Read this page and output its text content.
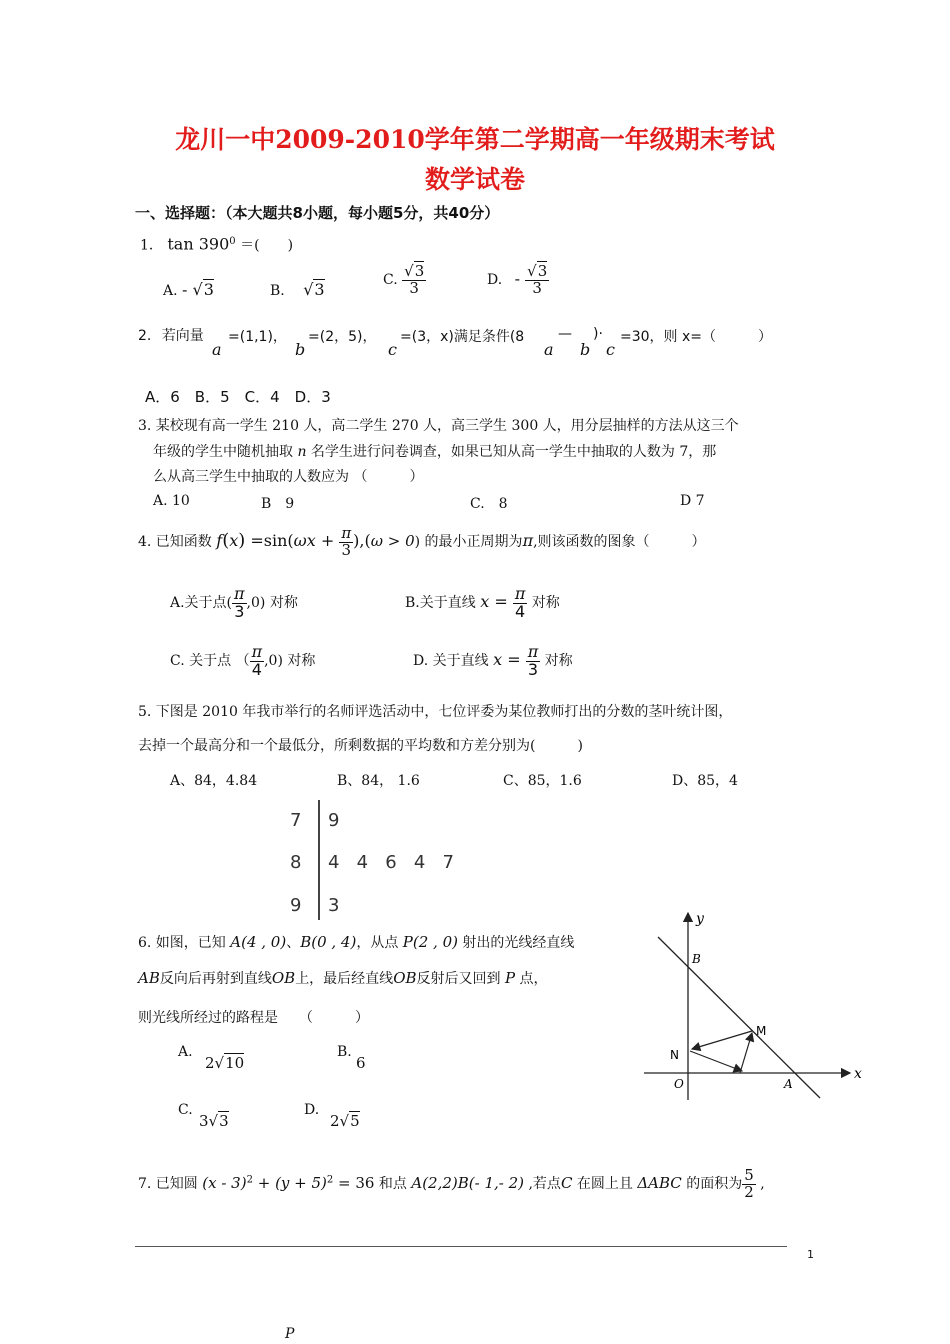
龙川一中2009-2010学年第二学期高一年级期末考试
数学试卷
一、选择题：（本大题共8小题，每小题5分，共40分）
1． $\tan 390^0$ ＝(　　)
A. - √3	B. √3	C. $\frac{√3}{3}$	D. - $\frac{√3}{3}$
2. 若向量
a
=(1,1)，
b
=(2，5)，
c
=(3，x)满足条件(8
a
—
b
)·
c
=30，则 x=（　　　）
A．6　B．5　C．4　D．3
3. 某校现有高一学生 210 人，高二学生 270 人，高三学生 300 人，用分层抽样的方法从这三个
年级的学生中随机抽取 n 名学生进行问卷调查，如果已知从高一学生中抽取的人数为 7，那
么从高三学生中抽取的人数应为 （　　　）
A. 10	B　9	C.　8	D 7
4. 已知函数 $f(x) =\sin(\omega x + \frac{\pi}{3} ),(\omega > 0)$ 的最小正周期为π,则该函数的图象（　　　）
A.关于点( $\frac{\pi}{3} ,0$) 对称	B.关于直线 $x = \frac{\pi}{4}$ 对称
C. 关于点 （ $\frac{\pi}{4} ,0$) 对称	D. 关于直线 $x = \frac{\pi}{3}$ 对称
5. 下图是 2010 年我市举行的名师评选活动中，七位评委为某位教师打出的分数的茎叶统计图，
去掉一个最高分和一个最低分，所剩数据的平均数和方差分别为(　　　)
A、84，4.84	B、84， 1.6	C、85，1.6	D、85，4
7 9
8 4   4   6   4   7
9 3
6. 如图，已知 A(4 , 0)、B(0 , 4)，从点 P(2 , 0) 射出的光线经直线
AB反向后再射到直线OB上，最后经直线OB反射后又回到 P 点，
则光线所经过的路程是　　（　　　）
A.
2√10
B.
6
C.
3√3
D.
2√5
y
x
B
M
N
O	A
7. 已知圆 $(x - 3)^2 + (y + 5)^2 = 36$ 和点 A(2,2)B(- 1,- 2) ,若点C 在圆上且 ΔABC 的面积为 $\frac{5}{2}$ ,
1
P
